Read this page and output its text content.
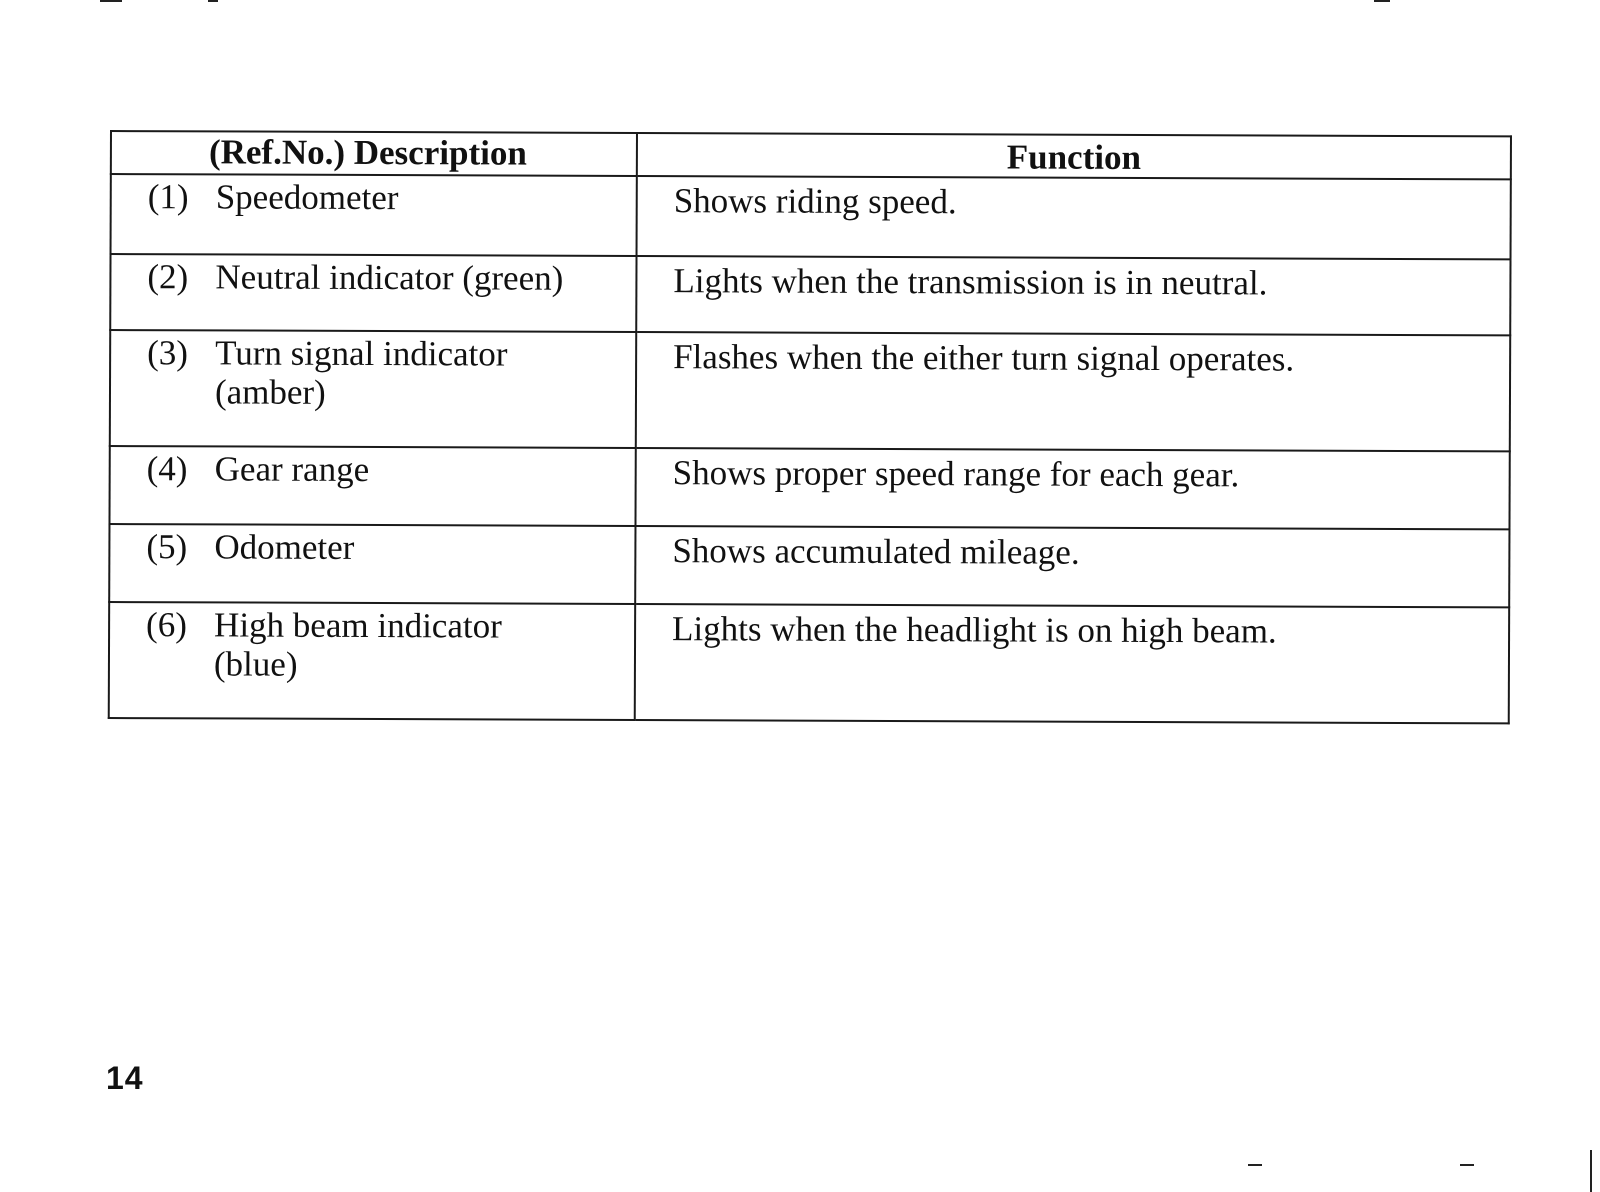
(Ref.No.) Description	Function

(1) Speedometer	Shows riding speed.

(2) Neutral indicator (green)	Lights when the transmission is in neutral.

(3) Turn signal indicator (amber)	Flashes when the either turn signal operates.

(4) Gear range	Shows proper speed range for each gear.

(5) Odometer	Shows accumulated mileage.

(6) High beam indicator (blue)	Lights when the headlight is on high beam.
14
